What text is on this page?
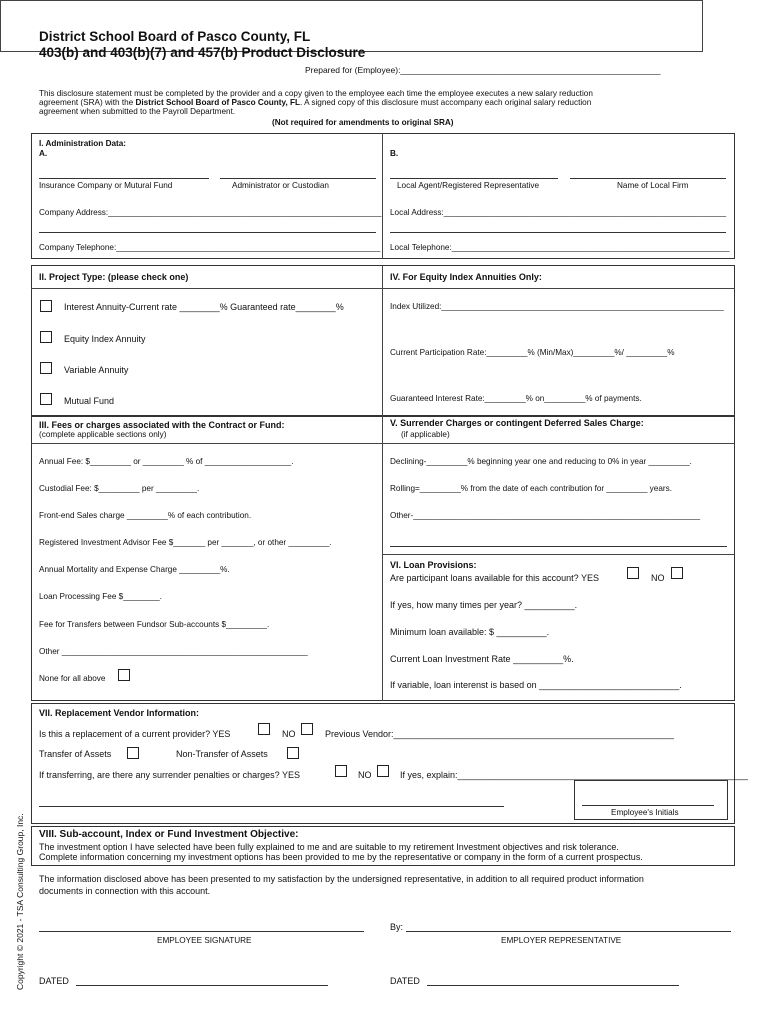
District School Board of Pasco County, FL
403(b) and 403(b)(7) and 457(b) Product Disclosure
Prepared for (Employee):_______________________________________________________
This disclosure statement must be completed by the provider and a copy given to the employee each time the employee executes a new salary reduction
agreement (SRA) with the District School Board of Pasco County, FL. A signed copy of this disclosure must accompany each original salary reduction
agreement when submitted to the Payroll Department.
(Not required for amendments to original SRA)
I. Administration Data:
A.	B.
Insurance Company or Mutural Fund	Administrator or Custodian	Local Agent/Registered Representative	Name of Local Firm
Company Address:____________________________________________________________ Local Address:______________________________________________________________
Company Telephone:__________________________________________________________ Local Telephone:_____________________________________________________________
II. Project Type: (please check one)	IV. For Equity Index Annuities Only:
Interest Annuity-Current rate ________% Guaranteed rate________%
Equity Index Annuity
Variable Annuity
Mutual Fund
Index Utilized:______________________________________________________________
Current Participation Rate:_________% (Min/Max)_________%/ _________%
Guaranteed Interest Rate:_________% on_________% of payments.
III. Fees or charges associated with the Contract or Fund:
(complete applicable sections only)
V. Surrender Charges or contingent Deferred Sales Charge:
(if applicable)
Annual Fee: $_________ or _________ % of ___________________.
Custodial Fee: $_________ per _________.
Front-end Sales charge _________% of each contribution.
Registered Investment Advisor Fee $_______ per _______, or other _________.
Annual Mortality and Expense Charge _________%.
Loan Processing Fee $________.
Fee for Transfers between Fundsor Sub-accounts $_________.
Other ______________________________________________________
None for all above
Declining-_________% beginning year one and reducing to 0% in year _________.
Rolling=_________% from the date of each contribution for _________ years.
Other-_______________________________________________________________
VI. Loan Provisions:
Are participant loans available for this account? YES	NO
If yes, how many times per year? __________.
Minimum loan available: $ __________.
Current Loan Investment Rate __________%.
If variable, loan interenst is based on ____________________________.
VII. Replacement Vendor Information:
Is this a replacement of a current provider? YES	NO	Previous Vendor:________________________________________________________
Transfer of Assets	Non-Transfer of Assets
If transferring, are there any surrender penalties or charges? YES	NO	If yes, explain:__________________________________________________________
Employee's Initials
VIII. Sub-account, Index or Fund Investment Objective:
The investment option I have selected have been fully explained to me and are suitable to my retirement Investment objectives and risk tolerance.
Complete information concerning my investment options has been provided to me by the representative or company in the form of a current prospectus.
The information disclosed above has been presented to my satisfaction by the undersigned representative, in addition to all required product information
documents in connection with this account.
By:
EMPLOYEE SIGNATURE	EMPLOYER REPRESENTATIVE
DATED	DATED
Copyright © 2021 - TSA Consulting Group, Inc.
